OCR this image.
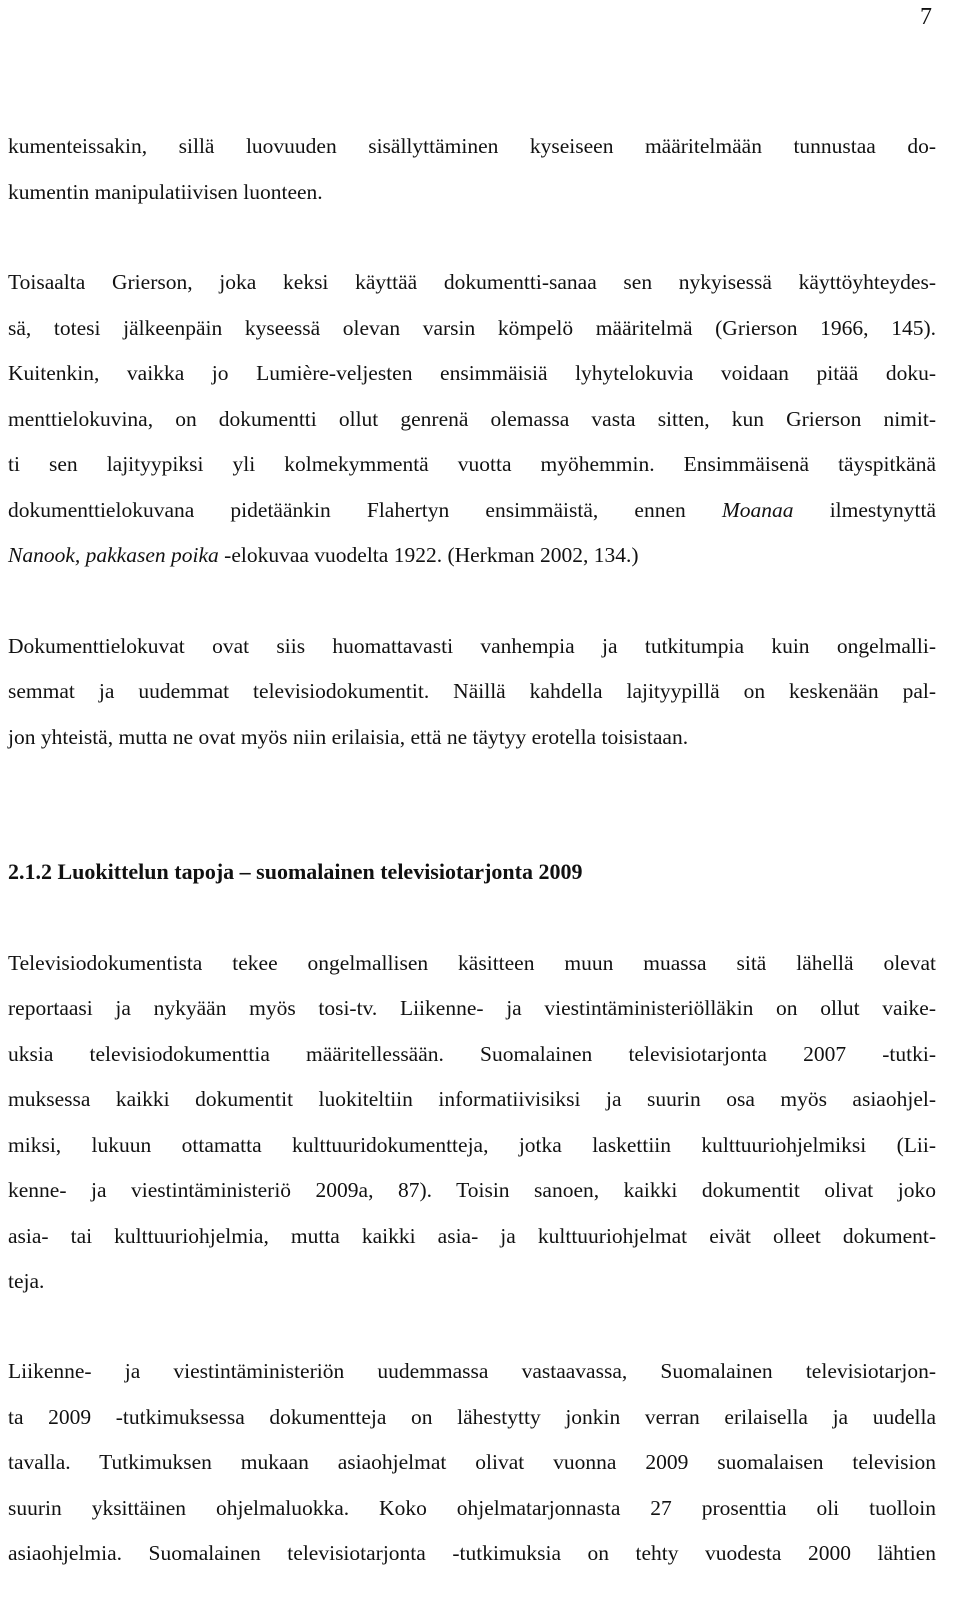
7
kumenteissakin, sillä luovuuden sisällyttäminen kyseiseen määritelmään tunnustaa do-
kumentin manipulatiivisen luonteen.
Toisaalta Grierson, joka keksi käyttää dokumentti-sanaa sen nykyisessä käyttöyhteydes-
sä, totesi jälkeenpäin kyseessä olevan varsin kömpelö määritelmä (Grierson 1966, 145).
Kuitenkin, vaikka jo Lumière-veljesten ensimmäisiä lyhytelokuvia voidaan pitää doku-
menttielokuvina, on dokumentti ollut genrenä olemassa vasta sitten, kun Grierson nimit-
ti sen lajityypiksi yli kolmekymmentä vuotta myöhemmin. Ensimmäisenä täyspitkänä
dokumenttielokuvana pidetäänkin Flahertyn ensimmäistä, ennen Moanaa ilmestynyttä
Nanook, pakkasen poika -elokuvaa vuodelta 1922. (Herkman 2002, 134.)
Dokumenttielokuvat ovat siis huomattavasti vanhempia ja tutkitumpia kuin ongelmalli-
semmat ja uudemmat televisiodokumentit. Näillä kahdella lajityypillä on keskenään pal-
jon yhteistä, mutta ne ovat myös niin erilaisia, että ne täytyy erotella toisistaan.
2.1.2 Luokittelun tapoja – suomalainen televisiotarjonta 2009
Televisiodokumentista tekee ongelmallisen käsitteen muun muassa sitä lähellä olevat
reportaasi ja nykyään myös tosi-tv. Liikenne- ja viestintäministeriölläkin on ollut vaike-
uksia televisiodokumenttia määritellessään. Suomalainen televisiotarjonta 2007 -tutki-
muksessa kaikki dokumentit luokiteltiin informatiivisiksi ja suurin osa myös asiaohjel-
miksi, lukuun ottamatta kulttuuridokumentteja, jotka laskettiin kulttuuriohjelmiksi (Lii-
kenne- ja viestintäministeriö 2009a, 87). Toisin sanoen, kaikki dokumentit olivat joko
asia- tai kulttuuriohjelmia, mutta kaikki asia- ja kulttuuriohjelmat eivät olleet dokument-
teja.
Liikenne- ja viestintäministeriön uudemmassa vastaavassa, Suomalainen televisiotarjon-
ta 2009 -tutkimuksessa dokumentteja on lähestytty jonkin verran erilaisella ja uudella
tavalla. Tutkimuksen mukaan asiaohjelmat olivat vuonna 2009 suomalaisen television
suurin yksittäinen ohjelmaluokka. Koko ohjelmatarjonnasta 27 prosenttia oli tuolloin
asiaohjelmia. Suomalainen televisiotarjonta -tutkimuksia on tehty vuodesta 2000 lähtien
